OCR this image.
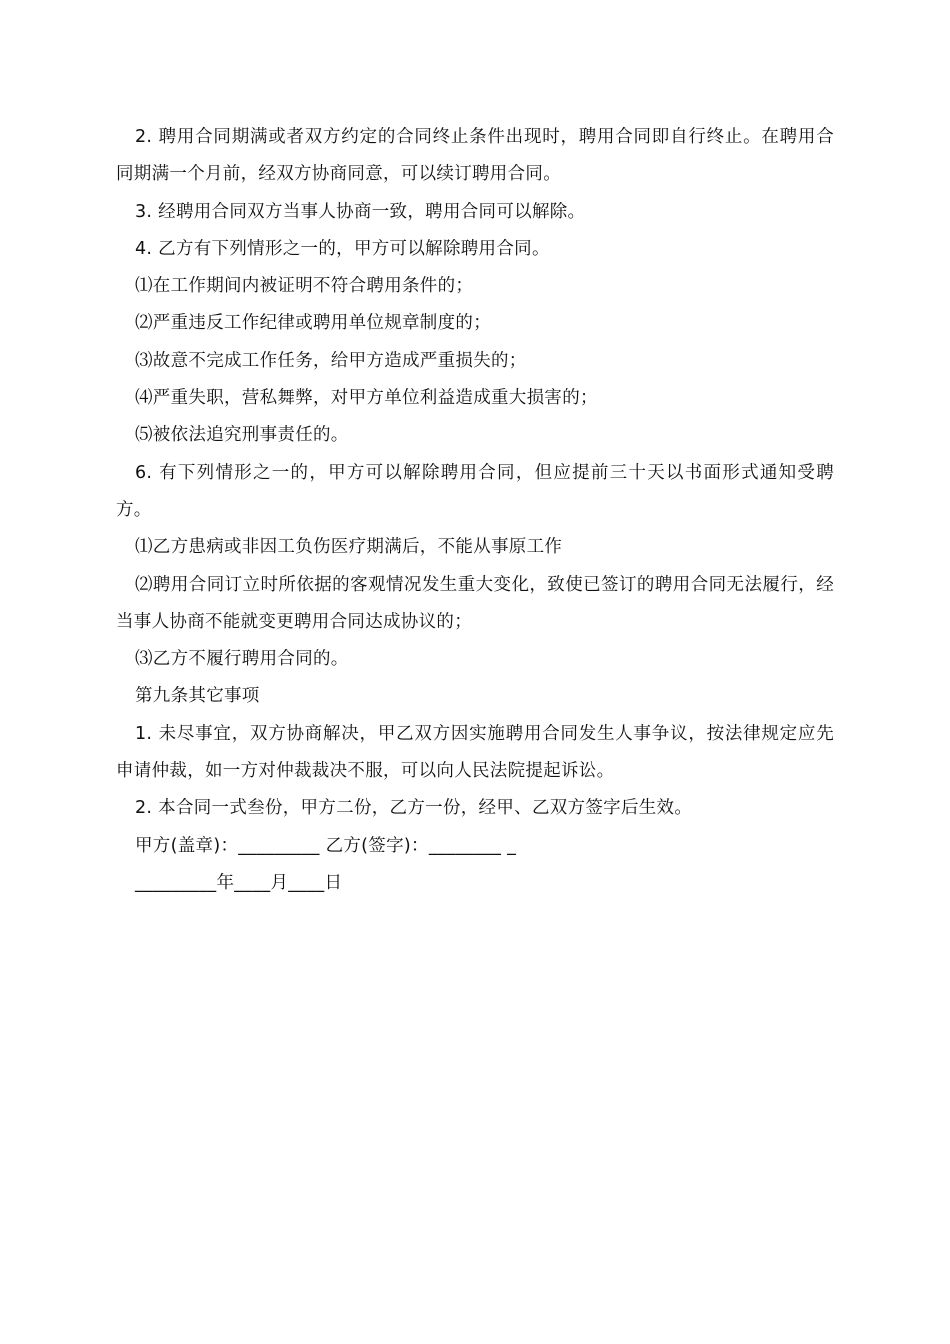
2. 聘用合同期满或者双方约定的合同终止条件出现时，聘用合同即自行终止。在聘用合同期满一个月前，经双方协商同意，可以续订聘用合同。

3. 经聘用合同双方当事人协商一致，聘用合同可以解除。

4. 乙方有下列情形之一的，甲方可以解除聘用合同。

⑴在工作期间内被证明不符合聘用条件的；

⑵严重违反工作纪律或聘用单位规章制度的；

⑶故意不完成工作任务，给甲方造成严重损失的；

⑷严重失职，营私舞弊，对甲方单位利益造成重大损害的；

⑸被依法追究刑事责任的。

6. 有下列情形之一的，甲方可以解除聘用合同，但应提前三十天以书面形式通知受聘方。

⑴乙方患病或非因工负伤医疗期满后，不能从事原工作

⑵聘用合同订立时所依据的客观情况发生重大变化，致使已签订的聘用合同无法履行，经当事人协商不能就变更聘用合同达成协议的；

⑶乙方不履行聘用合同的。

第九条其它事项

1. 未尽事宜，双方协商解决，甲乙双方因实施聘用合同发生人事争议，按法律规定应先申请仲裁，如一方对仲裁裁决不服，可以向人民法院提起诉讼。

2. 本合同一式叁份，甲方二份，乙方一份，经甲、乙双方签字后生效。

甲方(盖章)：_________ 乙方(签字)：________ _

_________年____月____日
